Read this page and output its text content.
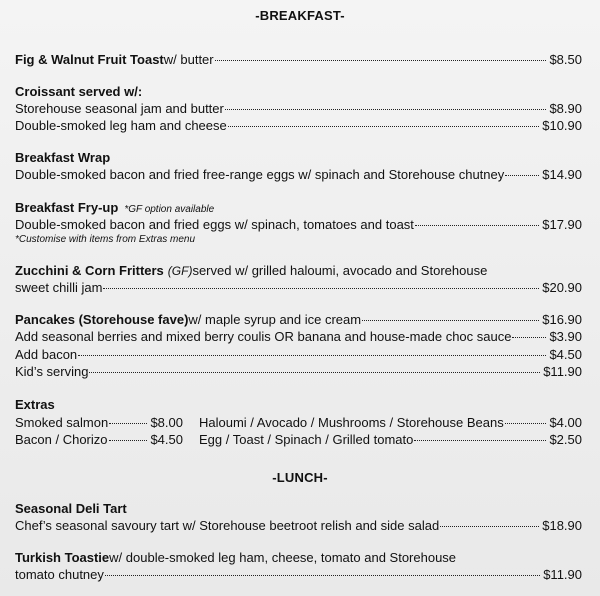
-BREAKFAST-
Fig & Walnut Fruit Toast w/ butter	$8.50
Croissant served w/:
Storehouse seasonal jam and butter	$8.90
Double-smoked leg ham and cheese	$10.90
Breakfast Wrap
Double-smoked bacon and fried free-range eggs w/ spinach and Storehouse chutney	$14.90
Breakfast Fry-up *GF option available
Double-smoked bacon and fried eggs w/ spinach, tomatoes and toast	$17.90
*Customise with items from Extras menu
Zucchini & Corn Fritters (GF) served w/ grilled haloumi, avocado and Storehouse
sweet chilli jam	$20.90
Pancakes (Storehouse fave) w/ maple syrup and ice cream	$16.90
Add seasonal berries and mixed berry coulis OR banana and house-made choc sauce	$3.90
Add bacon	$4.50
Kid’s serving	$11.90
Extras
Smoked salmon	$8.00 Haloumi / Avocado / Mushrooms / Storehouse Beans	$4.00
Bacon / Chorizo	$4.50 Egg / Toast / Spinach / Grilled tomato	$2.50
-LUNCH-
Seasonal Deli Tart
Chef’s seasonal savoury tart w/ Storehouse beetroot relish and side salad	$18.90
Turkish Toastie w/ double-smoked leg ham, cheese, tomato and Storehouse
tomato chutney	$11.90
